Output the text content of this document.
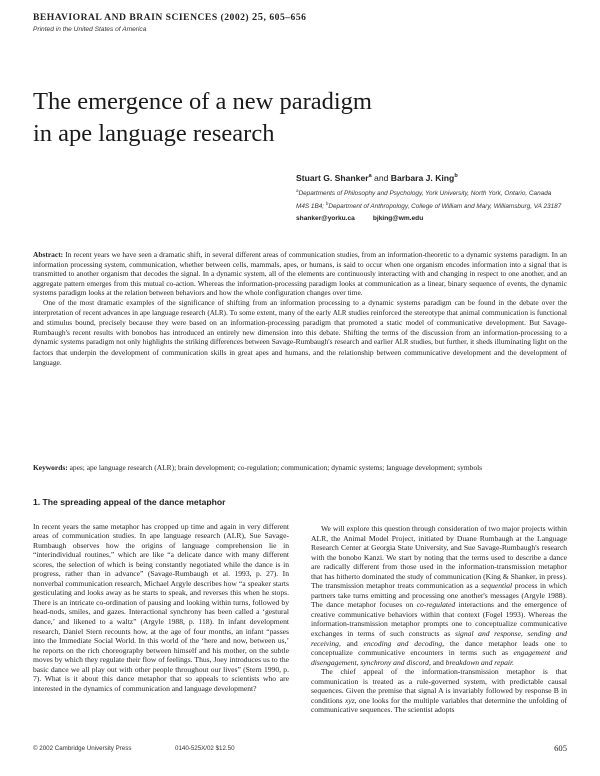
BEHAVIORAL AND BRAIN SCIENCES (2002) 25, 605–656
Printed in the United States of America
The emergence of a new paradigm
in ape language research
Stuart G. Shanker$^a$ and Barbara J. King$^b$
$^a$Departments of Philosophy and Psychology, York University, North York, Ontario, Canada M4S 1B4; $^b$Department of Anthropology, College of William and Mary, Williamsburg, VA 23187
shanker@yorku.ca	bjking@wm.edu

Abstract: In recent years we have seen a dramatic shift, in several different areas of communication studies, from an information-theoretic to a dynamic systems paradigm. In an information processing system, communication, whether between cells, mammals, apes, or humans, is said to occur when one organism encodes information into a signal that is transmitted to another organism that decodes the signal. In a dynamic system, all of the elements are continuously interacting with and changing in respect to one another, and an aggregate pattern emerges from this mutual co-action. Whereas the information-processing paradigm looks at communication as a linear, binary sequence of events, the dynamic systems paradigm looks at the relation between behaviors and how the whole configuration changes over time.

One of the most dramatic examples of the significance of shifting from an information processing to a dynamic systems paradigm can be found in the debate over the interpretation of recent advances in ape language research (ALR). To some extent, many of the early ALR studies reinforced the stereotype that animal communication is functional and stimulus bound, precisely because they were based on an information-processing paradigm that promoted a static model of communicative development. But Savage-Rumbaugh's recent results with bonobos has introduced an entirely new dimension into this debate. Shifting the terms of the discussion from an information-processing to a dynamic systems paradigm not only highlights the striking differences between Savage-Rumbaugh's research and earlier ALR studies, but further, it sheds illuminating light on the factors that underpin the development of communication skills in great apes and humans, and the relationship between communicative development and the development of language.

Keywords: apes; ape language research (ALR); brain development; co-regulation; communication; dynamic systems; language development; symbols
1. The spreading appeal of the dance metaphor

In recent years the same metaphor has cropped up time and again in very different areas of communication studies. In ape language research (ALR), Sue Savage-Rumbaugh observes how the origins of language comprehension lie in “interindividual routines,” which are like “a delicate dance with many different scores, the selection of which is being constantly negotiated while the dance is in progress, rather than in advance” (Savage-Rumbaugh et al. 1993, p. 27). In nonverbal communication research, Michael Argyle describes how “a speaker starts gesticulating and looks away as he starts to speak, and reverses this when he stops. There is an intricate co-ordination of pausing and looking within turns, followed by head-nods, smiles, and gazes. Interactional synchrony has been called a ‘gestural dance,’ and likened to a waltz” (Argyle 1988, p. 118). In infant development research, Daniel Stern recounts how, at the age of four months, an infant “passes into the Immediate Social World. In this world of the ‘here and now, between us,’ he reports on the rich choreography between himself and his mother, on the subtle moves by which they regulate their flow of feelings. Thus, Joey introduces us to the basic dance we all play out with other people throughout our lives” (Stern 1990, p. 7). What is it about this dance metaphor that so appeals to scientists who are interested in the dynamics of communication and language development?

We will explore this question through consideration of two major projects within ALR, the Animal Model Project, initiated by Duane Rumbaugh at the Language Research Center at Georgia State University, and Sue Savage-Rumbaugh's research with the bonobo Kanzi. We start by noting that the terms used to describe a dance are radically different from those used in the information-transmission metaphor that has hitherto dominated the study of communication (King & Shanker, in press). The transmission metaphor treats communication as a sequential process in which partners take turns emitting and processing one another's messages (Argyle 1988). The dance metaphor focuses on co-regulated interactions and the emergence of creative communicative behaviors within that context (Fogel 1993). Whereas the information-transmission metaphor prompts one to conceptualize communicative exchanges in terms of such constructs as signal and response, sending and receiving, and encoding and decoding, the dance metaphor leads one to conceptualize communicative encounters in terms such as engagement and disengagement, synchrony and discord, and breakdown and repair.

The chief appeal of the information-transmission metaphor is that communication is treated as a rule-governed system, with predictable causal sequences. Given the premise that signal A is invariably followed by response B in conditions xyz, one looks for the multiple variables that determine the unfolding of communicative sequences. The scientist adopts

© 2002 Cambridge University Press	0140-525X/02 $12.50	605
